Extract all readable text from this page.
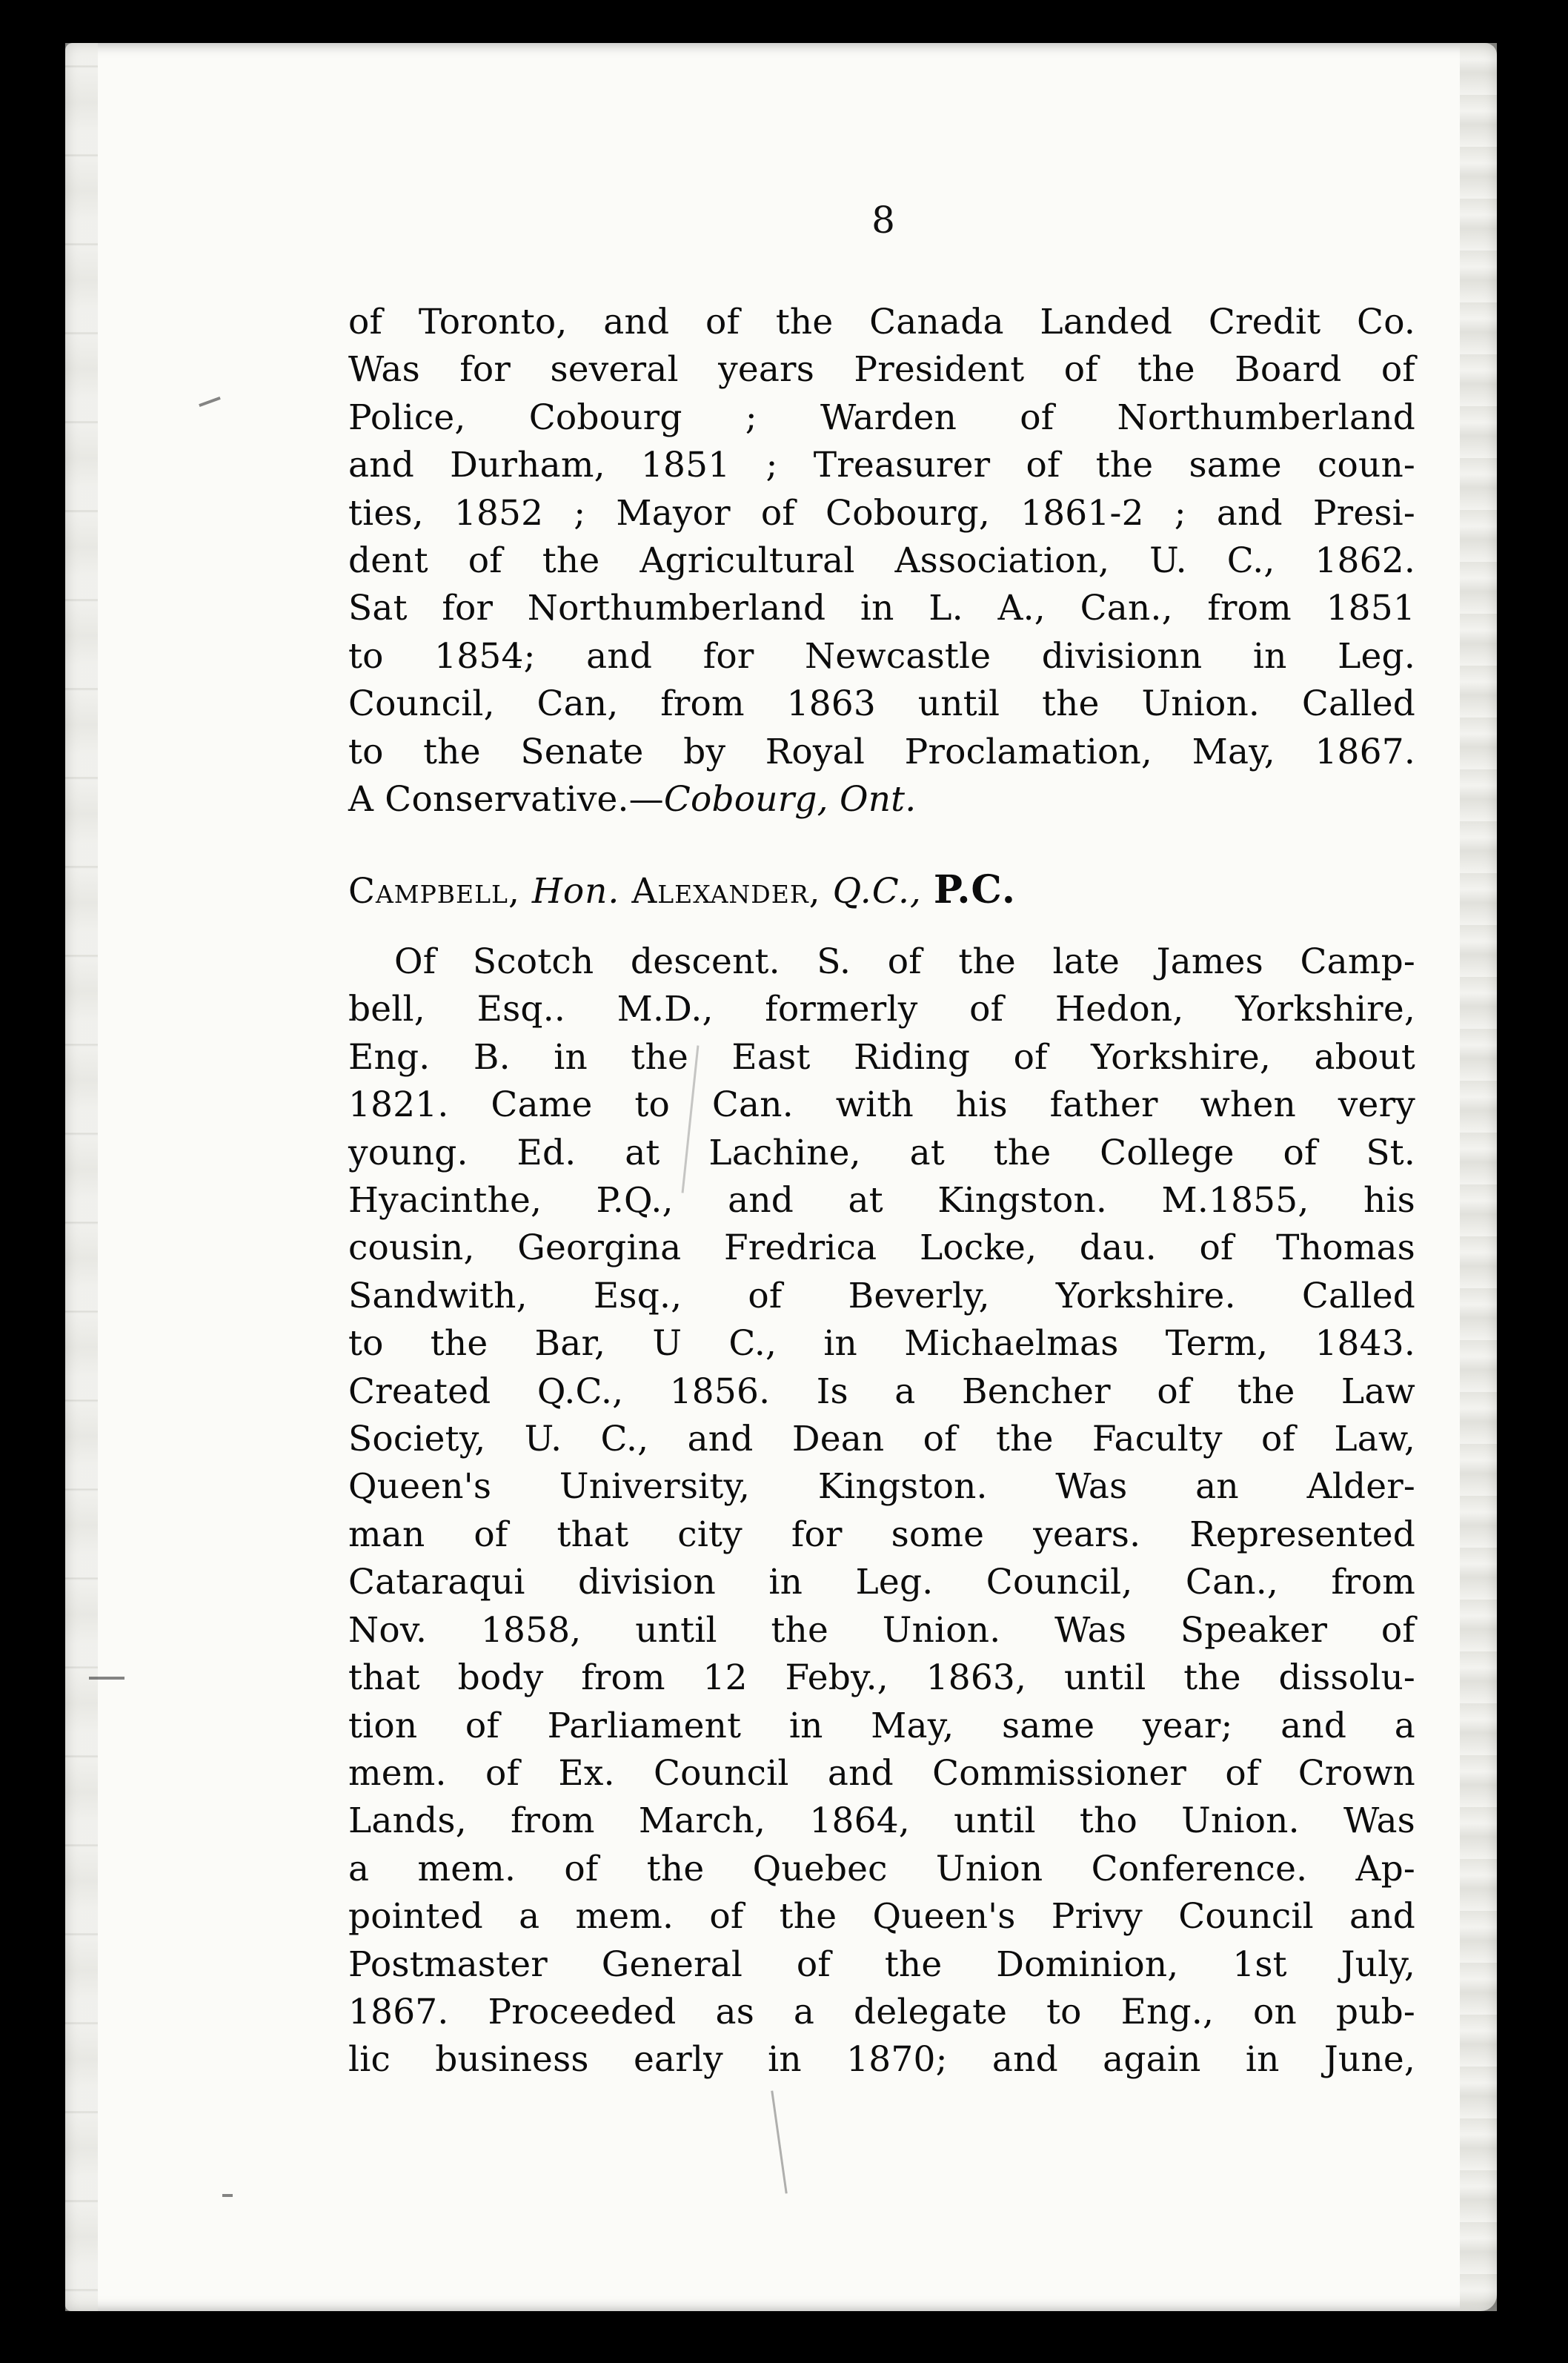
8
of Toronto, and of the Canada Landed Credit Co.
Was for several years President of the Board of
Police, Cobourg ; Warden of Northumberland
and Durham, 1851 ; Treasurer of the same coun-
ties, 1852 ; Mayor of Cobourg, 1861-2 ; and Presi-
dent of the Agricultural Association, U. C., 1862.
Sat for Northumberland in L. A., Can., from 1851
to 1854; and for Newcastle divisionn in Leg.
Council, Can, from 1863 until the Union. Called
to the Senate by Royal Proclamation, May, 1867.
A Conservative.—Cobourg, Ont.
Campbell, Hon. Alexander, Q.C., P.C.
Of Scotch descent. S. of the late James Camp-
bell, Esq.. M.D., formerly of Hedon, Yorkshire,
Eng. B. in the East Riding of Yorkshire, about
1821. Came to Can. with his father when very
young. Ed. at Lachine, at the College of St.
Hyacinthe, P.Q., and at Kingston. M.1855, his
cousin, Georgina Fredrica Locke, dau. of Thomas
Sandwith, Esq., of Beverly, Yorkshire. Called
to the Bar, U C., in Michaelmas Term, 1843.
Created Q.C., 1856. Is a Bencher of the Law
Society, U. C., and Dean of the Faculty of Law,
Queen's University, Kingston. Was an Alder-
man of that city for some years. Represented
Cataraqui division in Leg. Council, Can., from
Nov. 1858, until the Union. Was Speaker of
that body from 12 Feby., 1863, until the dissolu-
tion of Parliament in May, same year; and a
mem. of Ex. Council and Commissioner of Crown
Lands, from March, 1864, until tho Union. Was
a mem. of the Quebec Union Conference. Ap-
pointed a mem. of the Queen's Privy Council and
Postmaster General of the Dominion, 1st July,
1867. Proceeded as a delegate to Eng., on pub-
lic business early in 1870; and again in June,
